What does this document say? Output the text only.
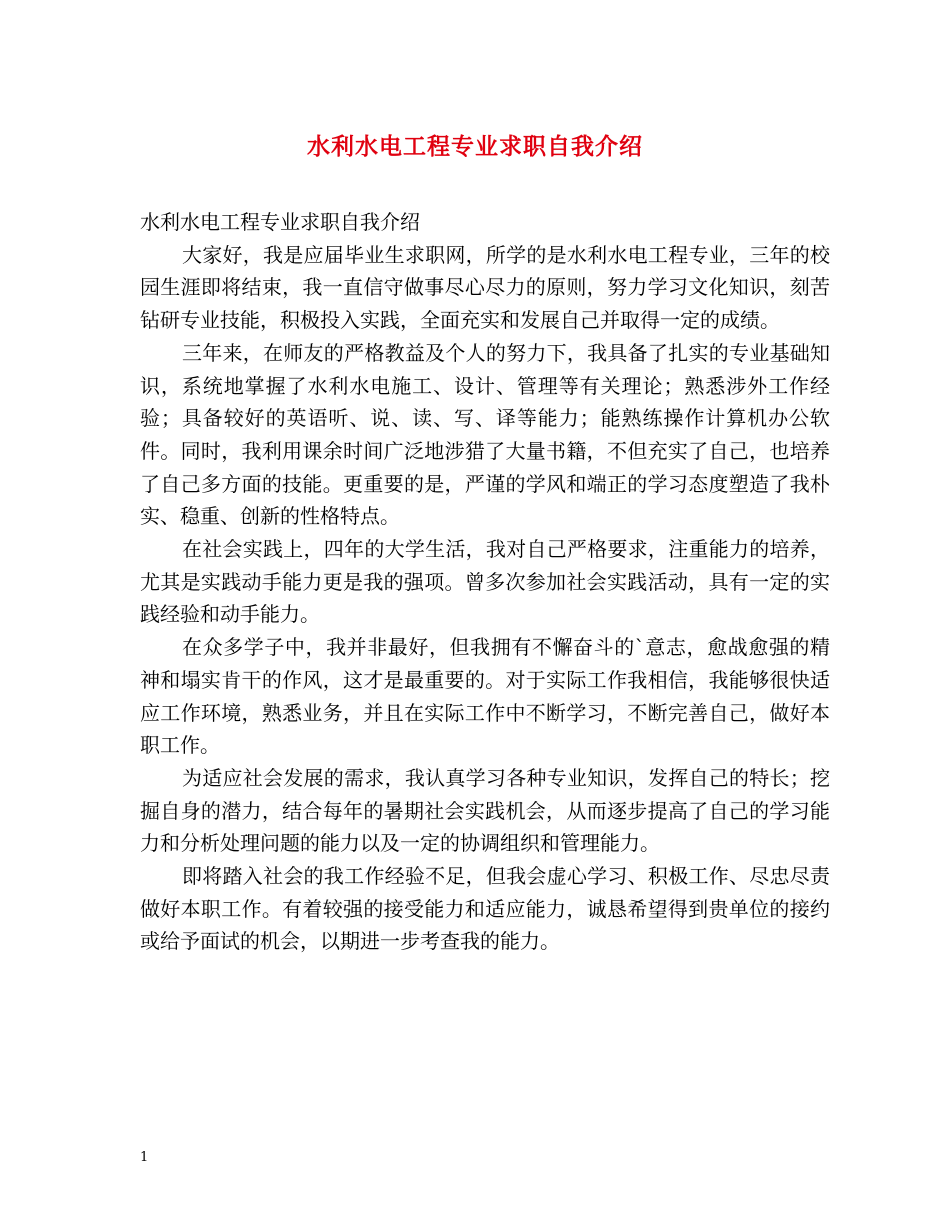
水利水电工程专业求职自我介绍

水利水电工程专业求职自我介绍

大家好，我是应届毕业生求职网，所学的是水利水电工程专业，三年的校园生涯即将结束，我一直信守做事尽心尽力的原则，努力学习文化知识，刻苦钻研专业技能，积极投入实践，全面充实和发展自己并取得一定的成绩。

三年来，在师友的严格教益及个人的努力下，我具备了扎实的专业基础知识，系统地掌握了水利水电施工、设计、管理等有关理论；熟悉涉外工作经验；具备较好的英语听、说、读、写、译等能力；能熟练操作计算机办公软件。同时，我利用课余时间广泛地涉猎了大量书籍，不但充实了自己，也培养了自己多方面的技能。更重要的是，严谨的学风和端正的学习态度塑造了我朴实、稳重、创新的性格特点。

在社会实践上，四年的大学生活，我对自己严格要求，注重能力的培养，尤其是实践动手能力更是我的强项。曾多次参加社会实践活动，具有一定的实践经验和动手能力。

在众多学子中，我并非最好，但我拥有不懈奋斗的`意志，愈战愈强的精神和塌实肯干的作风，这才是最重要的。对于实际工作我相信，我能够很快适应工作环境，熟悉业务，并且在实际工作中不断学习，不断完善自己，做好本职工作。

为适应社会发展的需求，我认真学习各种专业知识，发挥自己的特长；挖掘自身的潜力，结合每年的暑期社会实践机会，从而逐步提高了自己的学习能力和分析处理问题的能力以及一定的协调组织和管理能力。

即将踏入社会的我工作经验不足，但我会虚心学习、积极工作、尽忠尽责做好本职工作。有着较强的接受能力和适应能力，诚恳希望得到贵单位的接约或给予面试的机会，以期进一步考查我的能力。

1
